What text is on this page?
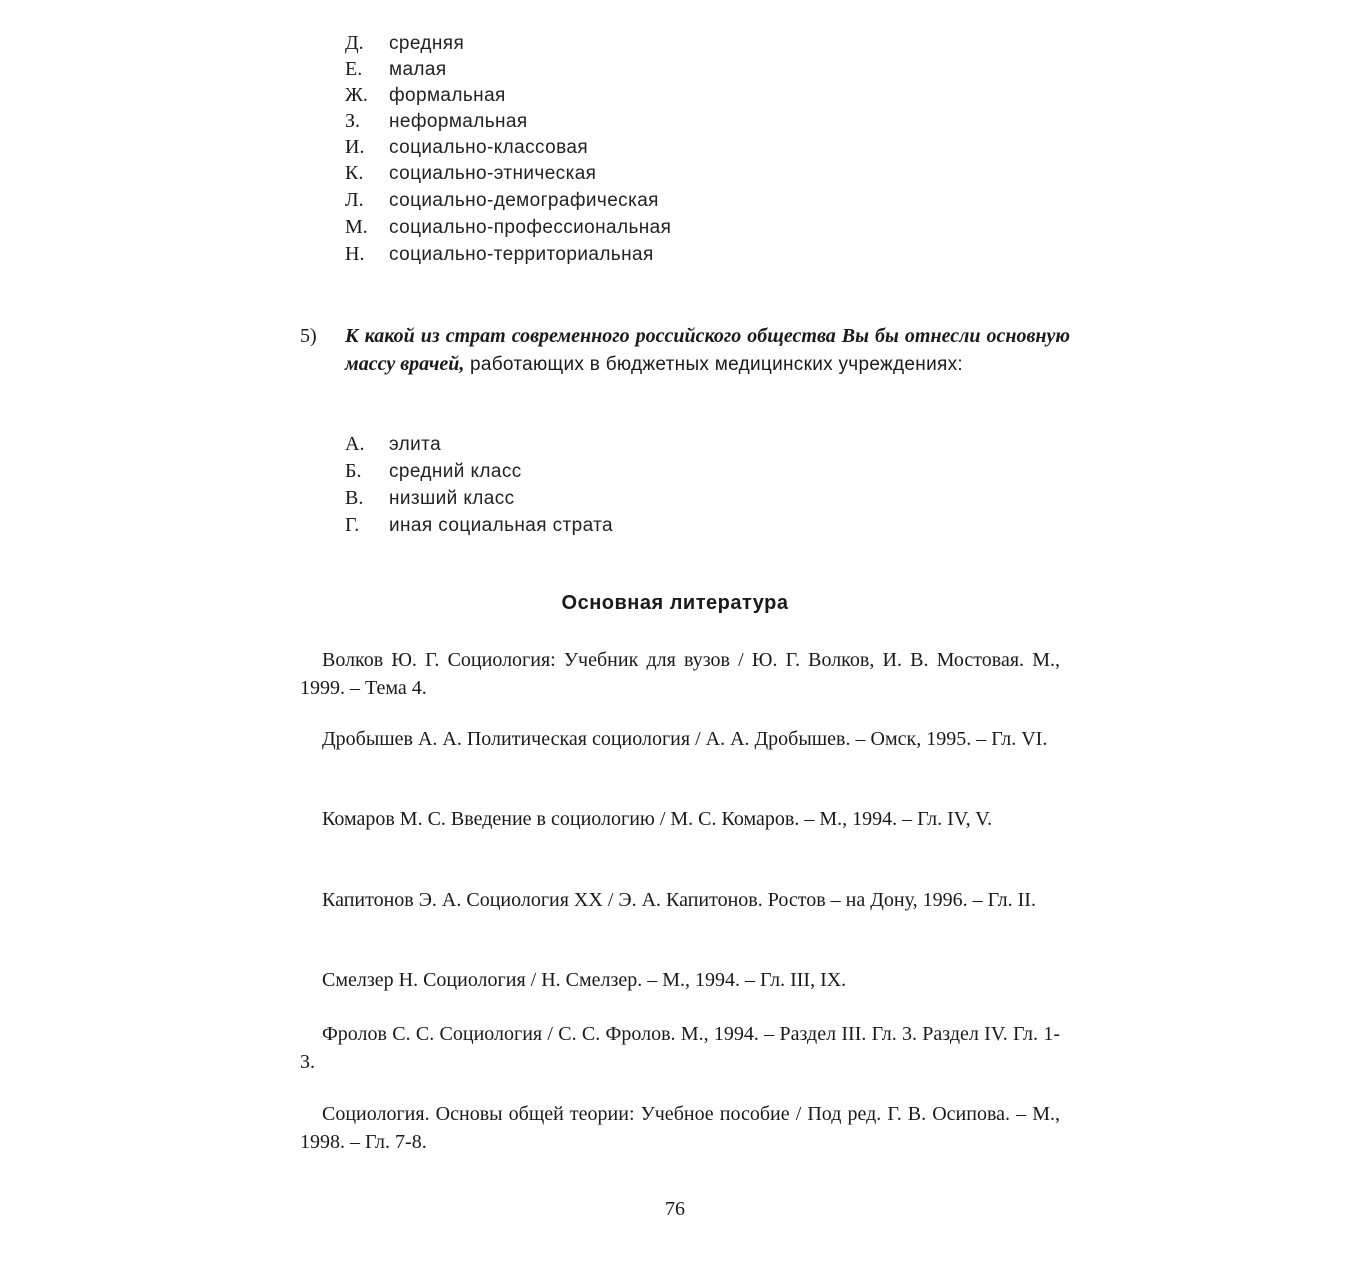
Д. средняя
Е. малая
Ж. формальная
З. неформальная
И. социально-классовая
К. социально-этническая
Л. социально-демографическая
М. социально-профессиональная
Н. социально-территориальная
5)	К какой из страт современного российского общества Вы бы отнесли основную массу врачей, работающих в бюджетных медицинских учреждениях:
А. элита
Б. средний класс
В. низший класс
Г. иная социальная страта
Основная литература
Волков Ю. Г. Социология: Учебник для вузов / Ю. Г. Волков, И. В. Мостовая. М., 1999. – Тема 4.
Дробышев А. А. Политическая социология / А. А. Дробышев. – Омск, 1995. – Гл. VI.
Комаров М. С. Введение в социологию / М. С. Комаров. – М., 1994. – Гл. IV, V.
Капитонов Э. А. Социология XX / Э. А. Капитонов. Ростов – на Дону, 1996. – Гл. II.
Смелзер Н. Социология / Н. Смелзер. – М., 1994. – Гл. III, IX.
Фролов С. С. Социология / С. С. Фролов. М., 1994. – Раздел III. Гл. 3. Раздел IV. Гл. 1-3.
Социология. Основы общей теории: Учебное пособие / Под ред. Г. В. Осипова. – М., 1998. – Гл. 7-8.
76
